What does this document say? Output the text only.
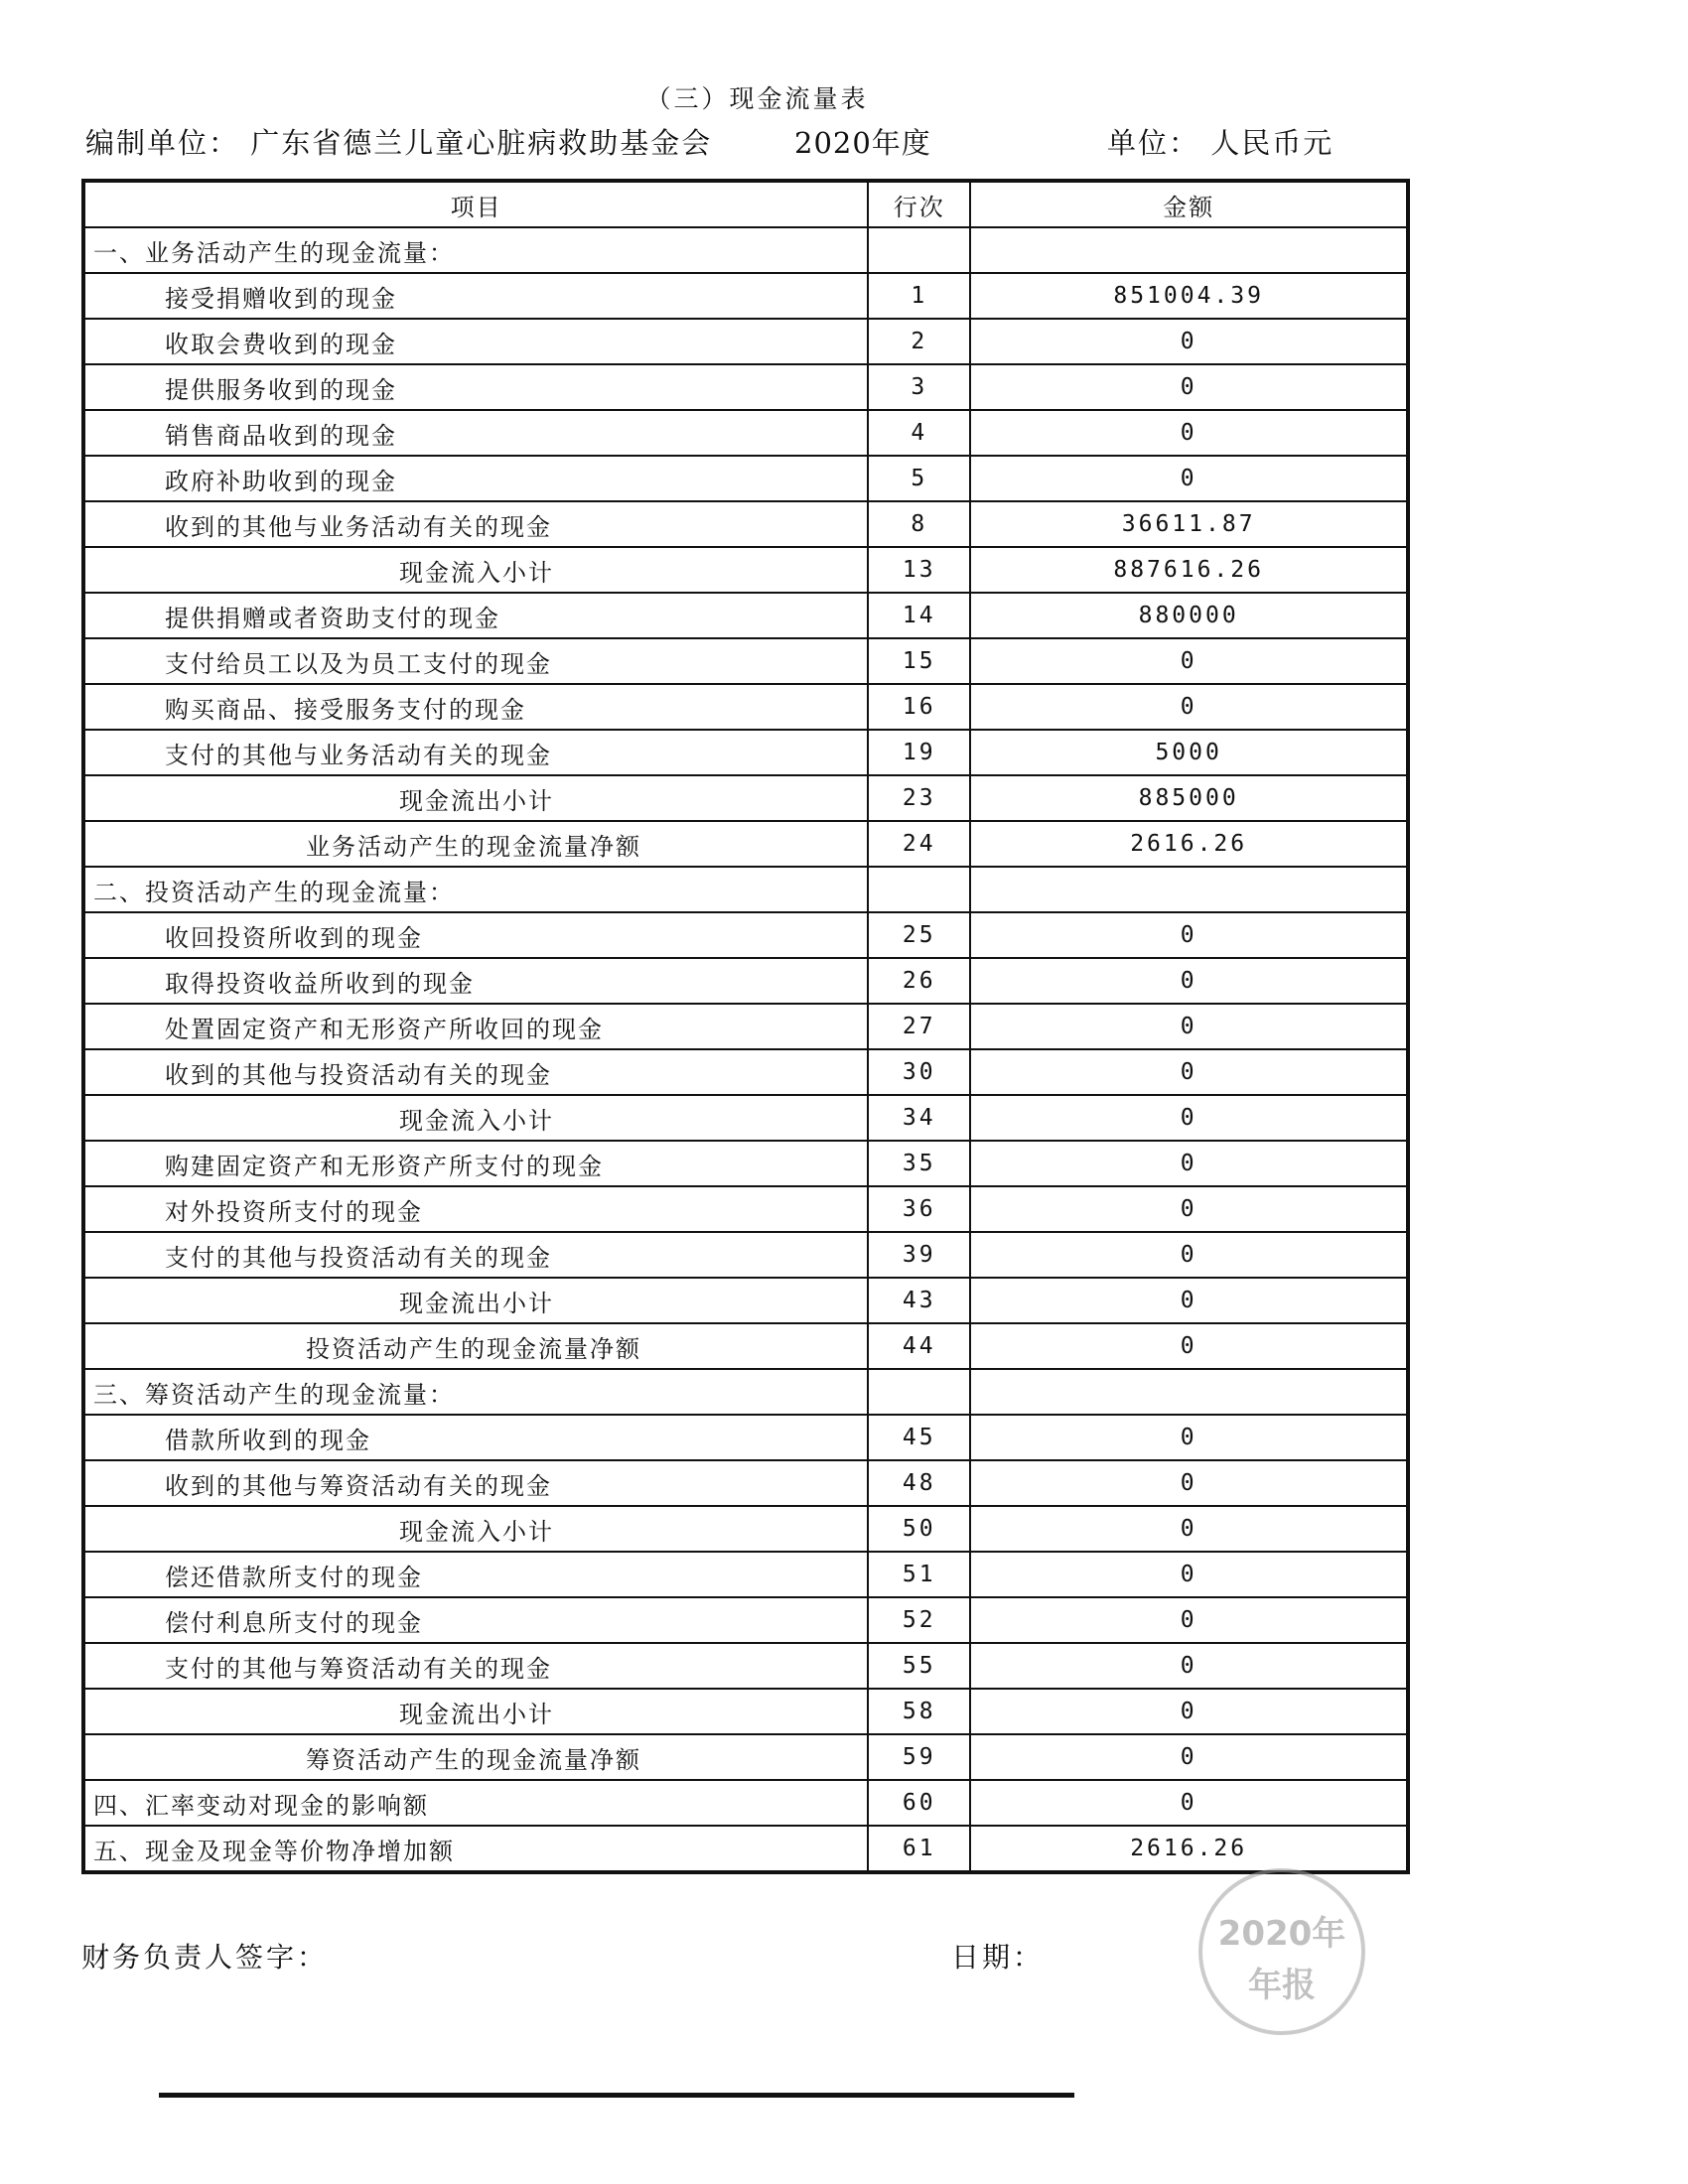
（三）现金流量表
编制单位： 广东省德兰儿童心脏病救助基金会	2020年度	单位： 人民币元
项目	行次	金额
一、业务活动产生的现金流量：		
接受捐赠收到的现金	1	851004.39
收取会费收到的现金	2	0
提供服务收到的现金	3	0
销售商品收到的现金	4	0
政府补助收到的现金	5	0
收到的其他与业务活动有关的现金	8	36611.87
现金流入小计	13	887616.26
提供捐赠或者资助支付的现金	14	880000
支付给员工以及为员工支付的现金	15	0
购买商品、接受服务支付的现金	16	0
支付的其他与业务活动有关的现金	19	5000
现金流出小计	23	885000
业务活动产生的现金流量净额	24	2616.26
二、投资活动产生的现金流量：		
收回投资所收到的现金	25	0
取得投资收益所收到的现金	26	0
处置固定资产和无形资产所收回的现金	27	0
收到的其他与投资活动有关的现金	30	0
现金流入小计	34	0
购建固定资产和无形资产所支付的现金	35	0
对外投资所支付的现金	36	0
支付的其他与投资活动有关的现金	39	0
现金流出小计	43	0
投资活动产生的现金流量净额	44	0
三、筹资活动产生的现金流量：		
借款所收到的现金	45	0
收到的其他与筹资活动有关的现金	48	0
现金流入小计	50	0
偿还借款所支付的现金	51	0
偿付利息所支付的现金	52	0
支付的其他与筹资活动有关的现金	55	0
现金流出小计	58	0
筹资活动产生的现金流量净额	59	0
四、汇率变动对现金的影响额	60	0
五、现金及现金等价物净增加额	61	2616.26
财务负责人签字：	日期：
2020年
年报
